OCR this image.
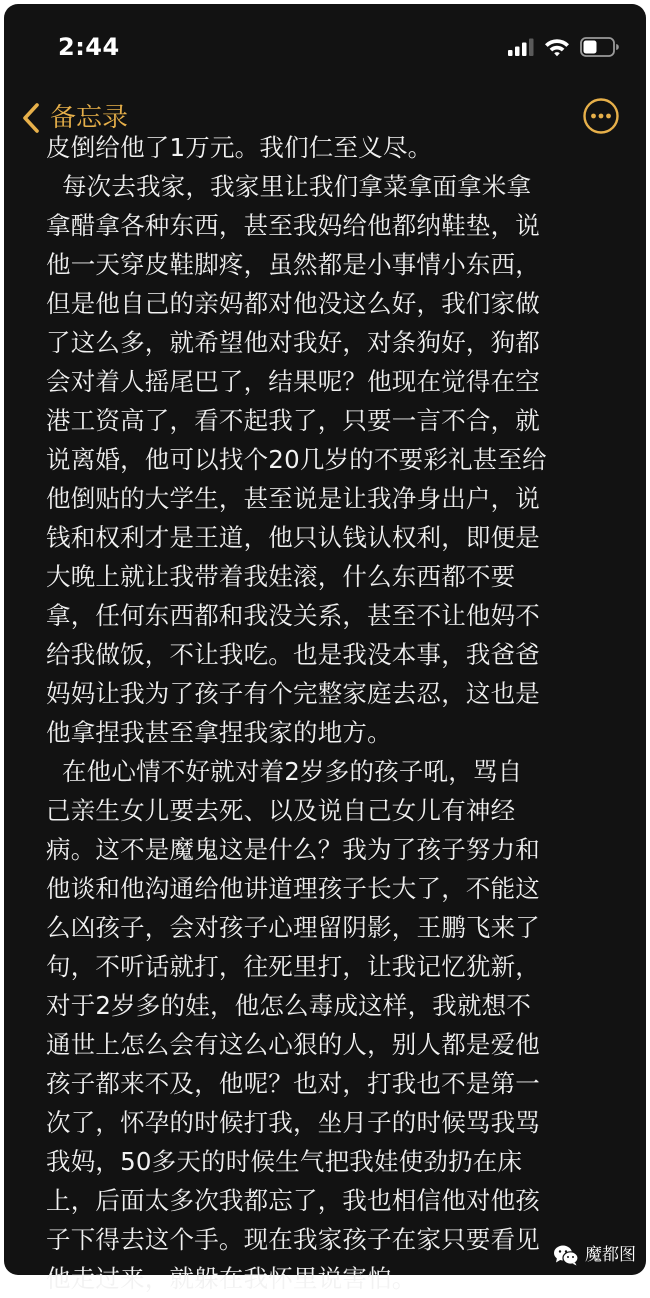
2:44
备忘录
皮倒给他了1万元。我们仁至义尽。
每次去我家，我家里让我们拿菜拿面拿米拿
拿醋拿各种东西，甚至我妈给他都纳鞋垫，说
他一天穿皮鞋脚疼，虽然都是小事情小东西，
但是他自己的亲妈都对他没这么好，我们家做
了这么多，就希望他对我好，对条狗好，狗都
会对着人摇尾巴了，结果呢？他现在觉得在空
港工资高了，看不起我了，只要一言不合，就
说离婚，他可以找个20几岁的不要彩礼甚至给
他倒贴的大学生，甚至说是让我净身出户，说
钱和权利才是王道，他只认钱认权利，即便是
大晚上就让我带着我娃滚，什么东西都不要
拿，任何东西都和我没关系，甚至不让他妈不
给我做饭，不让我吃。也是我没本事，我爸爸
妈妈让我为了孩子有个完整家庭去忍，这也是
他拿捏我甚至拿捏我家的地方。
在他心情不好就对着2岁多的孩子吼，骂自
己亲生女儿要去死、以及说自己女儿有神经
病。这不是魔鬼这是什么？我为了孩子努力和
他谈和他沟通给他讲道理孩子长大了，不能这
么凶孩子，会对孩子心理留阴影，王鹏飞来了
句，不听话就打，往死里打，让我记忆犹新，
对于2岁多的娃，他怎么毒成这样，我就想不
通世上怎么会有这么心狠的人，别人都是爱他
孩子都来不及，他呢？也对，打我也不是第一
次了，怀孕的时候打我，坐月子的时候骂我骂
我妈，50多天的时候生气把我娃使劲扔在床
上，后面太多次我都忘了，我也相信他对他孩
子下得去这个手。现在我家孩子在家只要看见
他走过来，就躲在我怀里说害怕。
魔都图
